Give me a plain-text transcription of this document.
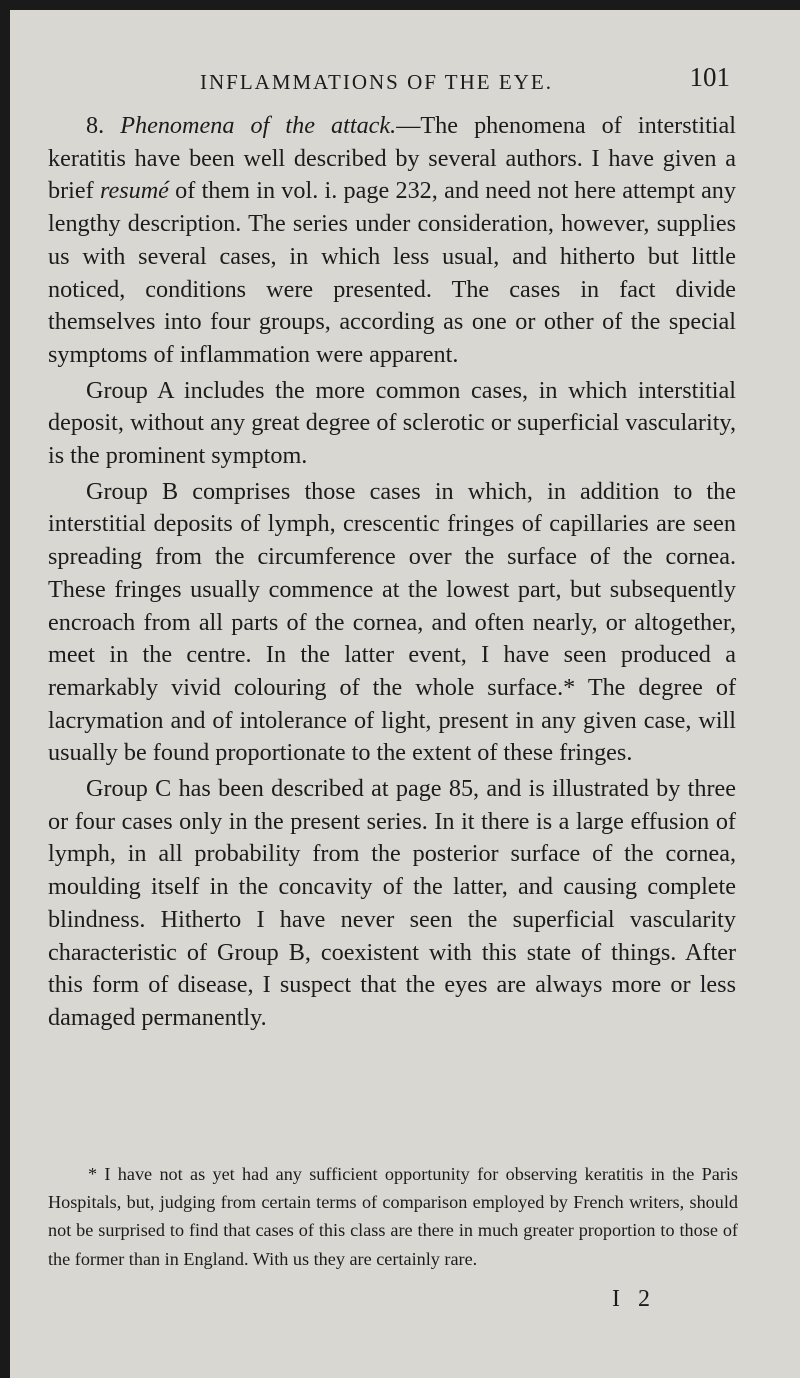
INFLAMMATIONS OF THE EYE.	101

8. Phenomena of the attack.—The phenomena of interstitial keratitis have been well described by several authors. I have given a brief resumé of them in vol. i. page 232, and need not here attempt any lengthy description. The series under consideration, however, supplies us with several cases, in which less usual, and hitherto but little noticed, conditions were presented. The cases in fact divide themselves into four groups, according as one or other of the special symptoms of inflammation were apparent.

Group A includes the more common cases, in which interstitial deposit, without any great degree of sclerotic or superficial vascularity, is the prominent symptom.

Group B comprises those cases in which, in addition to the interstitial deposits of lymph, crescentic fringes of capillaries are seen spreading from the circumference over the surface of the cornea. These fringes usually commence at the lowest part, but subsequently encroach from all parts of the cornea, and often nearly, or altogether, meet in the centre. In the latter event, I have seen produced a remarkably vivid colouring of the whole surface.* The degree of lacrymation and of intolerance of light, present in any given case, will usually be found proportionate to the extent of these fringes.

Group C has been described at page 85, and is illustrated by three or four cases only in the present series. In it there is a large effusion of lymph, in all probability from the posterior surface of the cornea, moulding itself in the concavity of the latter, and causing complete blindness. Hitherto I have never seen the superficial vascularity characteristic of Group B, coexistent with this state of things. After this form of disease, I suspect that the eyes are always more or less damaged permanently.

* I have not as yet had any sufficient opportunity for observing keratitis in the Paris Hospitals, but, judging from certain terms of comparison employed by French writers, should not be surprised to find that cases of this class are there in much greater proportion to those of the former than in England. With us they are certainly rare.

I 2
